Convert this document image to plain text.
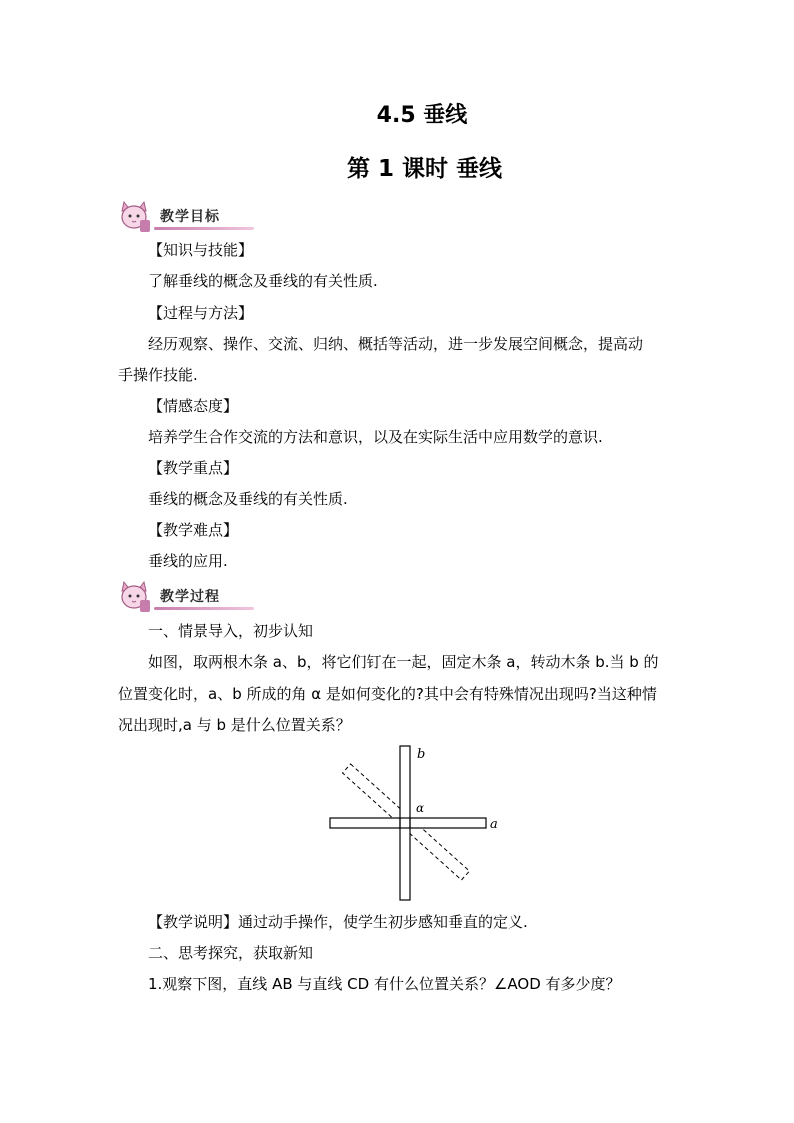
4.5 垂线
第 1 课时 垂线
教学目标
【知识与技能】
了解垂线的概念及垂线的有关性质.
【过程与方法】
经历观察、操作、交流、归纳、概括等活动，进一步发展空间概念，提高动
手操作技能.
【情感态度】
培养学生合作交流的方法和意识，以及在实际生活中应用数学的意识.
【教学重点】
垂线的概念及垂线的有关性质.
【教学难点】
垂线的应用.
教学过程
一、情景导入，初步认知
如图，取两根木条 a、b，将它们钉在一起，固定木条 a，转动木条 b.当 b 的
位置变化时，a、b 所成的角 α 是如何变化的?其中会有特殊情况出现吗?当这种情
况出现时,a 与 b 是什么位置关系？
b
a
α
【教学说明】通过动手操作，使学生初步感知垂直的定义.
二、思考探究，获取新知
1.观察下图，直线 AB 与直线 CD 有什么位置关系？∠AOD 有多少度？
